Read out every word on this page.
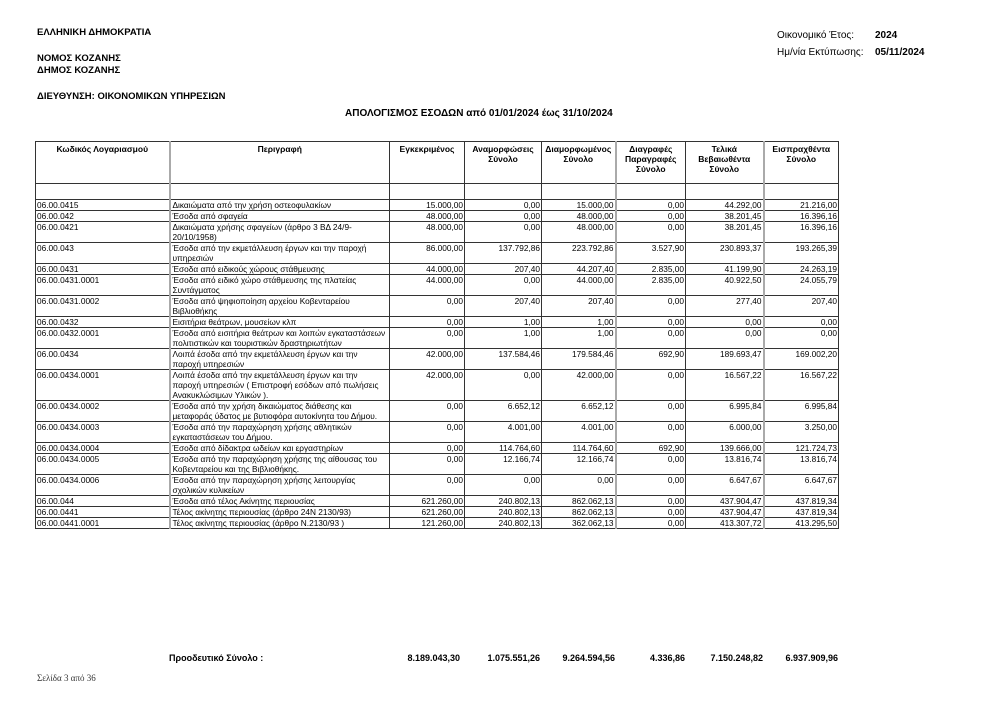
ΕΛΛΗΝΙΚΗ ΔΗΜΟΚΡΑΤΙΑ
ΝΟΜΟΣ ΚΟΖΑΝΗΣ
ΔΗΜΟΣ ΚΟΖΑΝΗΣ
ΔΙΕΥΘΥΝΣΗ: ΟΙΚΟΝΟΜΙΚΩΝ ΥΠΗΡΕΣΙΩΝ
Οικονομικό Έτος: 2024
Ημ/νία Εκτύπωσης: 05/11/2024
ΑΠΟΛΟΓΙΣΜΟΣ ΕΣΟΔΩΝ από 01/01/2024 έως 31/10/2024
Κωδικός Λογαριασμού	Περιγραφή	Εγκεκριμένος	Αναμορφώσεις Σύνολο	Διαμορφωμένος Σύνολο	Διαγραφές Παραγραφές Σύνολο	Τελικά Βεβαιωθέντα Σύνολο	Εισπραχθέντα Σύνολο

06.00.0415	Δικαιώματα από την χρήση οστεοφυλακίων	15.000,00	0,00	15.000,00	0,00	44.292,00	21.216,00
06.00.042	Έσοδα από σφαγεία	48.000,00	0,00	48.000,00	0,00	38.201,45	16.396,16
06.00.0421	Δικαιώματα χρήσης σφαγείων (άρθρο 3 ΒΔ 24/9-20/10/1958)	48.000,00	0,00	48.000,00	0,00	38.201,45	16.396,16
06.00.043	Έσοδα από την εκμετάλλευση έργων και την παροχή υπηρεσιών	86.000,00	137.792,86	223.792,86	3.527,90	230.893,37	193.265,39
06.00.0431	Έσοδα από ειδικούς χώρους στάθμευσης	44.000,00	207,40	44.207,40	2.835,00	41.199,90	24.263,19
06.00.0431.0001	Έσοδα από ειδικό χώρο στάθμευσης της πλατείας Συντάγματος	44.000,00	0,00	44.000,00	2.835,00	40.922,50	24.055,79
06.00.0431.0002	Έσοδα από ψηφιοποίηση αρχείου Κοβενταρείου Βιβλιοθήκης	0,00	207,40	207,40	0,00	277,40	207,40
06.00.0432	Εισιτήρια θεάτρων, μουσείων κλπ	0,00	1,00	1,00	0,00	0,00	0,00
06.00.0432.0001	Έσοδα από εισιτήρια θεάτρων και λοιπών εγκαταστάσεων πολιτιστικών και τουριστικών δραστηριωτήτων	0,00	1,00	1,00	0,00	0,00	0,00
06.00.0434	Λοιπά έσοδα από την εκμετάλλευση έργων και την παροχή υπηρεσιών	42.000,00	137.584,46	179.584,46	692,90	189.693,47	169.002,20
06.00.0434.0001	Λοιπά έσοδα από την εκμετάλλευση έργων και την παροχή υπηρεσιών ( Επιστροφή εσόδων από πωλήσεις Ανακυκλώσιμων Υλικών ).	42.000,00	0,00	42.000,00	0,00	16.567,22	16.567,22
06.00.0434.0002	Έσοδα από την χρήση δικαιώματος διάθεσης και μεταφοράς ύδατος με βυτιοφόρα αυτοκίνητα του Δήμου.	0,00	6.652,12	6.652,12	0,00	6.995,84	6.995,84
06.00.0434.0003	Έσοδα από την παραχώρηση χρήσης αθλητικών εγκαταστάσεων του Δήμου.	0,00	4.001,00	4.001,00	0,00	6.000,00	3.250,00
06.00.0434.0004	Έσοδα από δίδακτρα ωδείων και εργαστηρίων	0,00	114.764,60	114.764,60	692,90	139.666,00	121.724,73
06.00.0434.0005	Έσοδα από την παραχώρηση χρήσης της αίθουσας του Κοβενταρείου και της Βιβλιοθήκης.	0,00	12.166,74	12.166,74	0,00	13.816,74	13.816,74
06.00.0434.0006	Έσοδα από την παραχώρηση χρήσης λειτουργίας σχολικών κυλικείων	0,00	0,00	0,00	0,00	6.647,67	6.647,67
06.00.044	Έσοδα από τέλος Ακίνητης περιουσίας	621.260,00	240.802,13	862.062,13	0,00	437.904,47	437.819,34
06.00.0441	Τέλος ακίνητης περιουσίας (άρθρο 24Ν 2130/93)	621.260,00	240.802,13	862.062,13	0,00	437.904,47	437.819,34
06.00.0441.0001	Τέλος ακίνητης περιουσίας (άρθρο Ν.2130/93 )	121.260,00	240.802,13	362.062,13	0,00	413.307,72	413.295,50
Προοδευτικό Σύνολο :	8.189.043,30	1.075.551,26	9.264.594,56	4.336,86	7.150.248,82	6.937.909,96
Σελίδα 3 από 36
